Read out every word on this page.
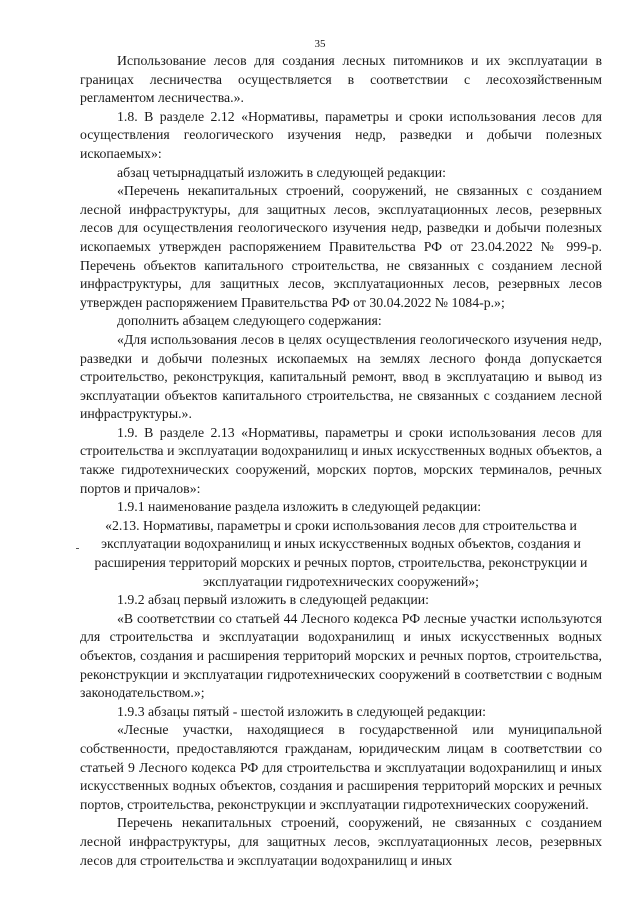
35

Использование лесов для создания лесных питомников и их эксплуатации в границах лесничества осуществляется в соответствии с лесохозяйственным регламентом лесничества.».

1.8. В разделе 2.12 «Нормативы, параметры и сроки использования лесов для осуществления геологического изучения недр, разведки и добычи полезных ископаемых»:

абзац четырнадцатый изложить в следующей редакции:

«Перечень некапитальных строений, сооружений, не связанных с созданием лесной инфраструктуры, для защитных лесов, эксплуатационных лесов, резервных лесов для осуществления геологического изучения недр, разведки и добычи полезных ископаемых утвержден распоряжением Правительства РФ от 23.04.2022 № 999-р. Перечень объектов капитального строительства, не связанных с созданием лесной инфраструктуры, для защитных лесов, эксплуатационных лесов, резервных лесов утвержден распоряжением Правительства РФ от 30.04.2022 № 1084-р.»;

дополнить абзацем следующего содержания:

«Для использования лесов в целях осуществления геологического изучения недр, разведки и добычи полезных ископаемых на землях лесного фонда допускается строительство, реконструкция, капитальный ремонт, ввод в эксплуатацию и вывод из эксплуатации объектов капитального строительства, не связанных с созданием лесной инфраструктуры.».

1.9. В разделе 2.13 «Нормативы, параметры и сроки использования лесов для строительства и эксплуатации водохранилищ и иных искусственных водных объектов, а также гидротехнических сооружений, морских портов, морских терминалов, речных портов и причалов»:

1.9.1 наименование раздела изложить в следующей редакции:

«2.13. Нормативы, параметры и сроки использования лесов для строительства и эксплуатации водохранилищ и иных искусственных водных объектов, создания и расширения территорий морских и речных портов, строительства, реконструкции и эксплуатации гидротехнических сооружений»;

1.9.2 абзац первый изложить в следующей редакции:

«В соответствии со статьей 44 Лесного кодекса РФ лесные участки используются для строительства и эксплуатации водохранилищ и иных искусственных водных объектов, создания и расширения территорий морских и речных портов, строительства, реконструкции и эксплуатации гидротехнических сооружений в соответствии с водным законодательством.»;

1.9.3 абзацы пятый - шестой изложить в следующей редакции:

«Лесные участки, находящиеся в государственной или муниципальной собственности, предоставляются гражданам, юридическим лицам в соответствии со статьей 9 Лесного кодекса РФ для строительства и эксплуатации водохранилищ и иных искусственных водных объектов, создания и расширения территорий морских и речных портов, строительства, реконструкции и эксплуатации гидротехнических сооружений.

Перечень некапитальных строений, сооружений, не связанных с созданием лесной инфраструктуры, для защитных лесов, эксплуатационных лесов, резервных лесов для строительства и эксплуатации водохранилищ и иных
